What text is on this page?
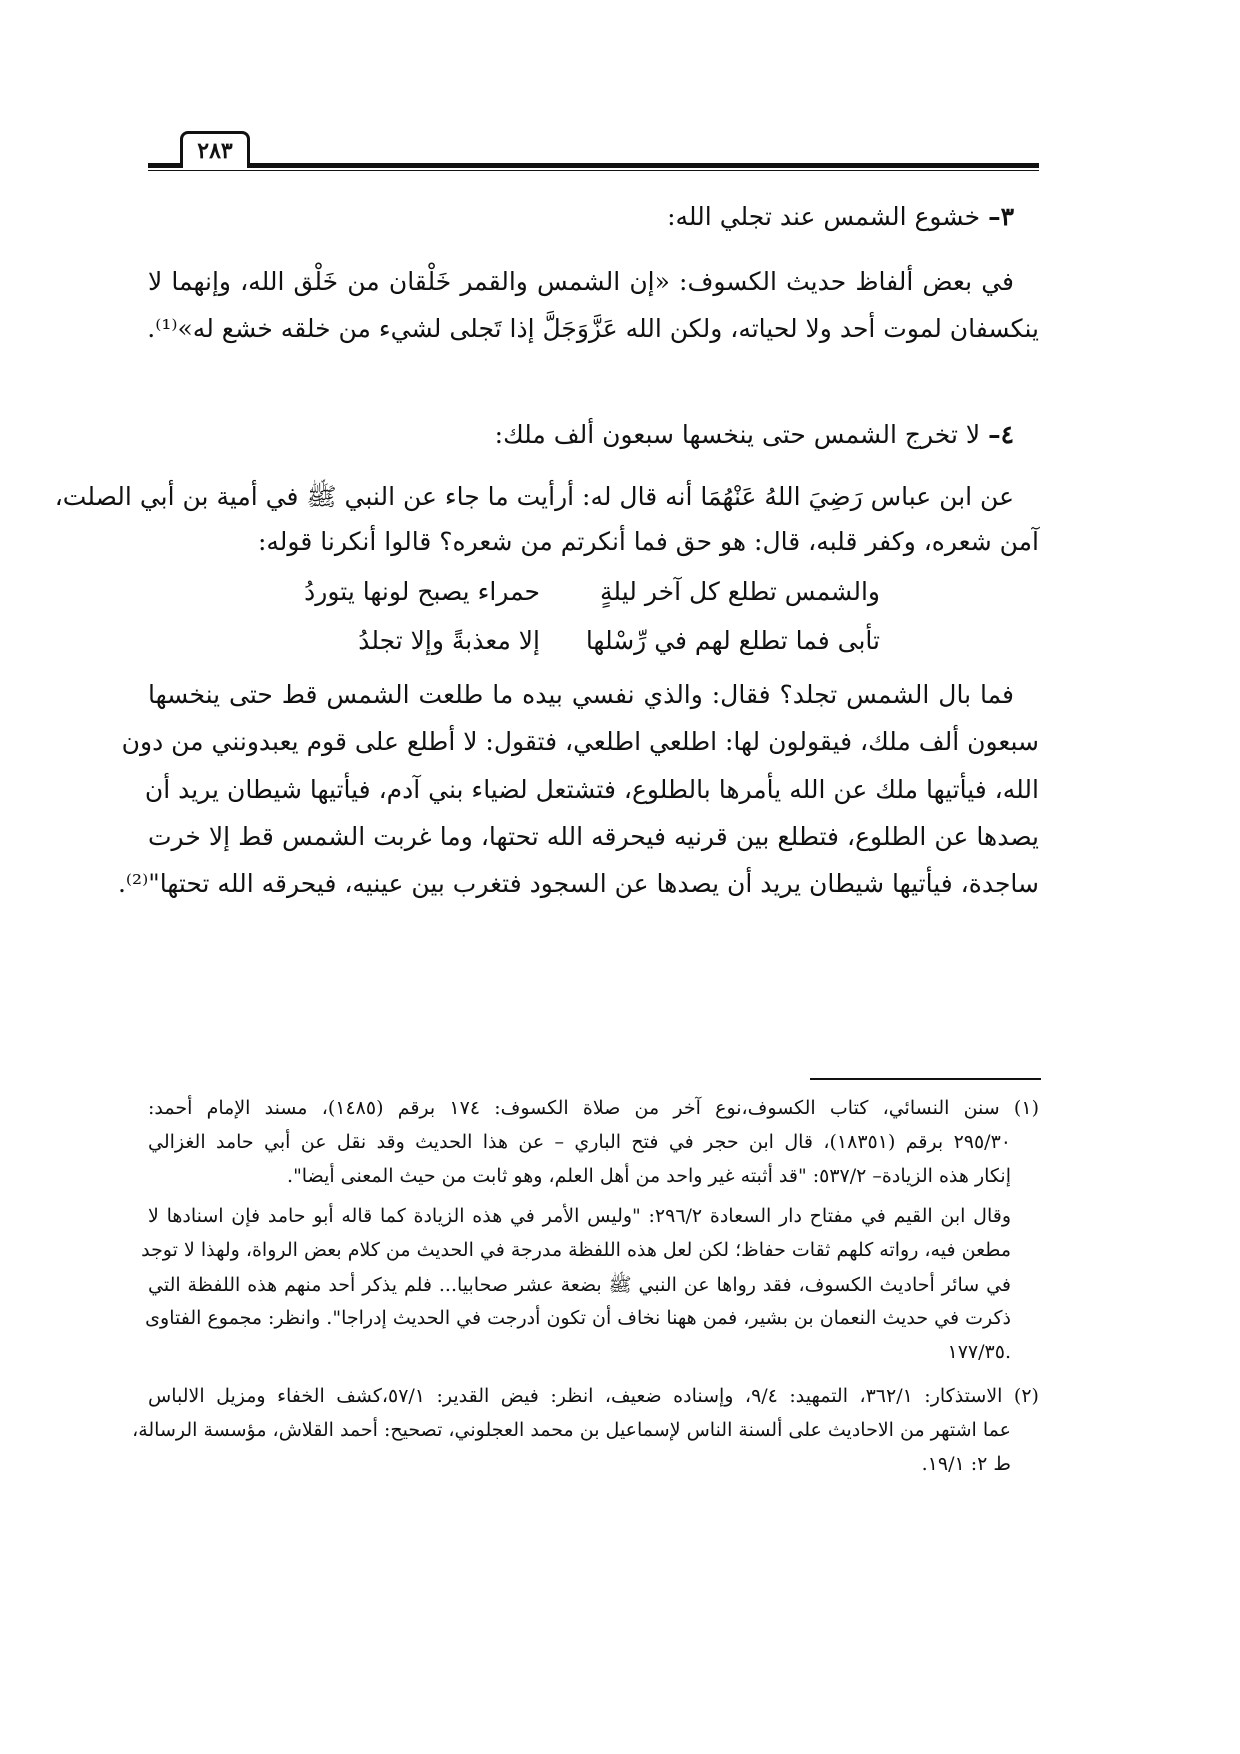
٢٨٣
٣– خشوع الشمس عند تجلي الله:
في بعض ألفاظ حديث الكسوف: «إن الشمس والقمر خَلْقان من خَلْق الله، وإنهما لا
ينكسفان لموت أحد ولا لحياته، ولكن الله عَزَّوَجَلَّ إذا تَجلى لشيء من خلقه خشع له»⁽¹⁾.
٤– لا تخرج الشمس حتى ينخسها سبعون ألف ملك:
عن ابن عباس رَضِيَ اللهُ عَنْهُمَا أنه قال له: أرأيت ما جاء عن النبي ﷺ في أمية بن أبي الصلت،
آمن شعره، وكفر قلبه، قال: هو حق فما أنكرتم من شعره؟ قالوا أنكرنا قوله:
والشمس تطلع كل آخر ليلةٍ
حمراء يصبح لونها يتوردُ
تأبى فما تطلع لهم في رِّسْلها
إلا معذبةً وإلا تجلدُ
فما بال الشمس تجلد؟ فقال: والذي نفسي بيده ما طلعت الشمس قط حتى ينخسها
سبعون ألف ملك، فيقولون لها: اطلعي اطلعي، فتقول: لا أطلع على قوم يعبدونني من دون
الله، فيأتيها ملك عن الله يأمرها بالطلوع، فتشتعل لضياء بني آدم، فيأتيها شيطان يريد أن
يصدها عن الطلوع، فتطلع بين قرنيه فيحرقه الله تحتها، وما غربت الشمس قط إلا خرت
ساجدة، فيأتيها شيطان يريد أن يصدها عن السجود فتغرب بين عينيه، فيحرقه الله تحتها"⁽²⁾.
(١) سنن النسائي، كتاب الكسوف،نوع آخر من صلاة الكسوف: ١٧٤ برقم (١٤٨٥)، مسند الإمام أحمد:
٢٩٥/٣٠ برقم (١٨٣٥١)، قال ابن حجر في فتح الباري – عن هذا الحديث وقد نقل عن أبي حامد الغزالي
إنكار هذه الزيادة– ٥٣٧/٢: "قد أثبته غير واحد من أهل العلم، وهو ثابت من حيث المعنى أيضا".
وقال ابن القيم في مفتاح دار السعادة ٢٩٦/٢: "وليس الأمر في هذه الزيادة كما قاله أبو حامد فإن اسنادها لا
مطعن فيه، رواته كلهم ثقات حفاظ؛ لكن لعل هذه اللفظة مدرجة في الحديث من كلام بعض الرواة، ولهذا لا توجد
في سائر أحاديث الكسوف، فقد رواها عن النبي ﷺ بضعة عشر صحابيا... فلم يذكر أحد منهم هذه اللفظة التي
ذكرت في حديث النعمان بن بشير، فمن ههنا نخاف أن تكون أدرجت في الحديث إدراجا". وانظر: مجموع الفتاوى
.١٧٧/٣٥
(٢) الاستذكار: ٣٦٢/١، التمهيد: ٩/٤، وإسناده ضعيف، انظر: فيض القدير: ٥٧/١،كشف الخفاء ومزيل الالباس
عما اشتهر من الاحاديث على ألسنة الناس لإسماعيل بن محمد العجلوني، تصحيح: أحمد القلاش، مؤسسة الرسالة،
ط ٢: ١٩/١.
